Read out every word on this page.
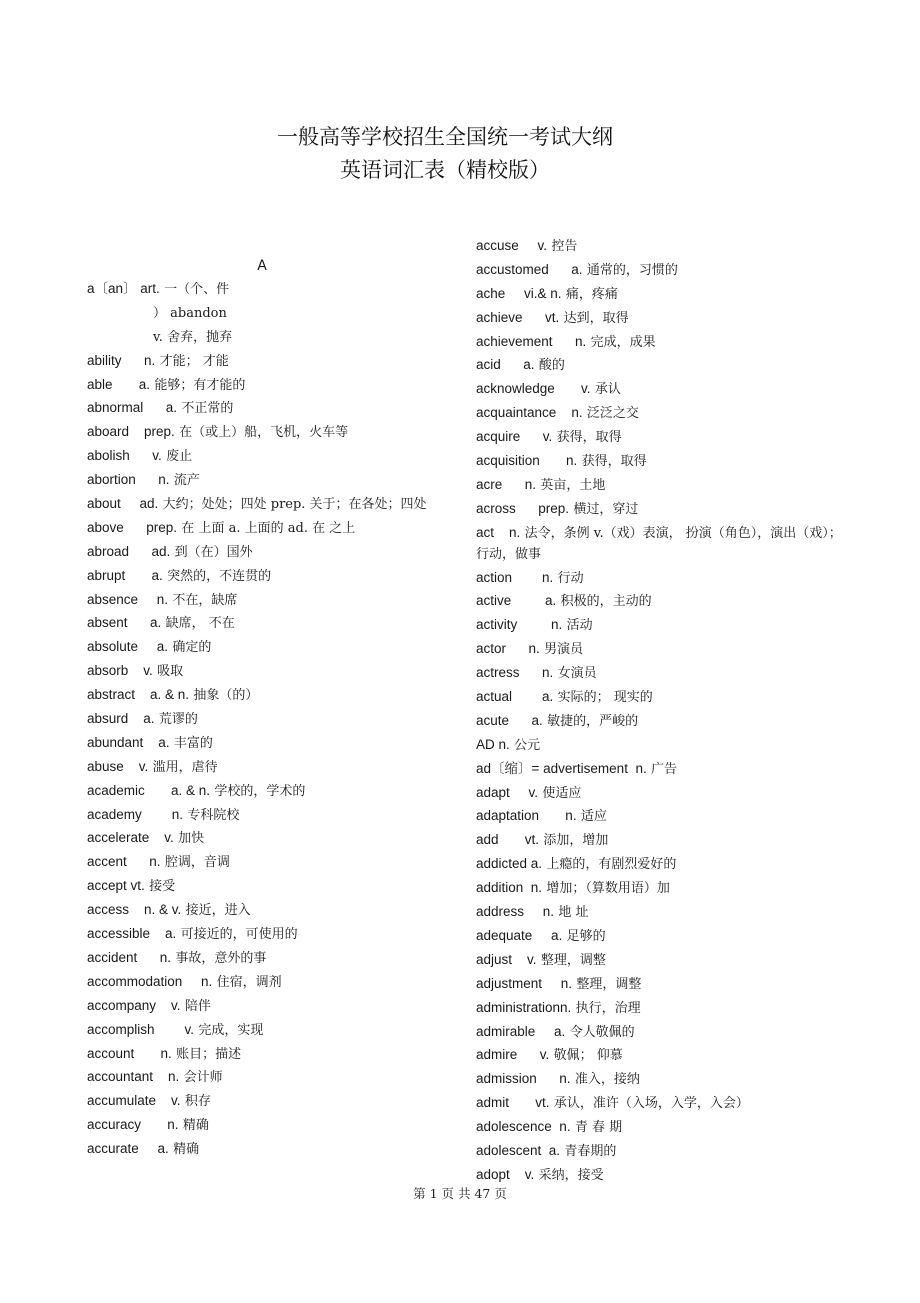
一般高等学校招生全国统一考试大纲
英语词汇表（精校版）
A
a〔an〕 art. 一（个、件
） abandon
v. 舍弃，抛弃
ability      n. 才能； 才能
able       a. 能够；有才能的
abnormal      a. 不正常的
aboard    prep. 在（或上）船，飞机，火车等
abolish      v. 废止
abortion      n. 流产
about     ad. 大约；处处；四处 prep. 关于；在各处；四处
above      prep. 在 上面 a. 上面的 ad. 在 之上
abroad      ad. 到（在）国外
abrupt       a. 突然的，不连贯的
absence     n. 不在，缺席
absent      a. 缺席， 不在
absolute     a. 确定的
absorb    v. 吸取
abstract    a. & n. 抽象（的）
absurd    a. 荒谬的
abundant    a. 丰富的
abuse    v. 滥用，虐待
academic       a. & n. 学校的，学术的
academy        n. 专科院校
accelerate    v. 加快
accent      n. 腔调，音调
accept vt. 接受
access    n. & v. 接近，进入
accessible    a. 可接近的，可使用的
accident      n. 事故，意外的事
accommodation     n. 住宿，调剂
accompany    v. 陪伴
accomplish        v. 完成，实现
account       n. 账目；描述
accountant    n. 会计师
accumulate    v. 积存
accuracy       n. 精确
accurate     a. 精确
accuse     v. 控告
accustomed      a. 通常的，习惯的
ache     vi.& n. 痛，疼痛
achieve      vt. 达到，取得
achievement      n. 完成，成果
acid      a. 酸的
acknowledge       v. 承认
acquaintance    n. 泛泛之交
acquire      v. 获得，取得
acquisition       n. 获得，取得
acre      n. 英亩，土地
across      prep. 横过，穿过
act    n. 法令，条例 v.（戏）表演， 扮演（角色），演出（戏）；行动，做事
action        n. 行动
active         a. 积极的，主动的
activity         n. 活动
actor      n. 男演员
actress      n. 女演员
actual        a. 实际的； 现实的
acute      a. 敏捷的，严峻的
AD n. 公元
ad〔缩〕= advertisement  n. 广告
adapt     v. 使适应
adaptation       n. 适应
add       vt. 添加，增加
addicted a. 上瘾的，有剧烈爱好的
addition  n. 增加；（算数用语）加
address     n. 地 址
adequate     a. 足够的
adjust    v. 整理，调整
adjustment     n. 整理，调整
administrationn. 执行，治理
admirable     a. 令人敬佩的
admire      v. 敬佩； 仰慕
admission      n. 准入，接纳
admit       vt. 承认，准许（入场，入学，入会）
adolescence  n. 青 春 期
adolescent  a. 青春期的
adopt    v. 采纳，接受
第 1 页 共 47 页
